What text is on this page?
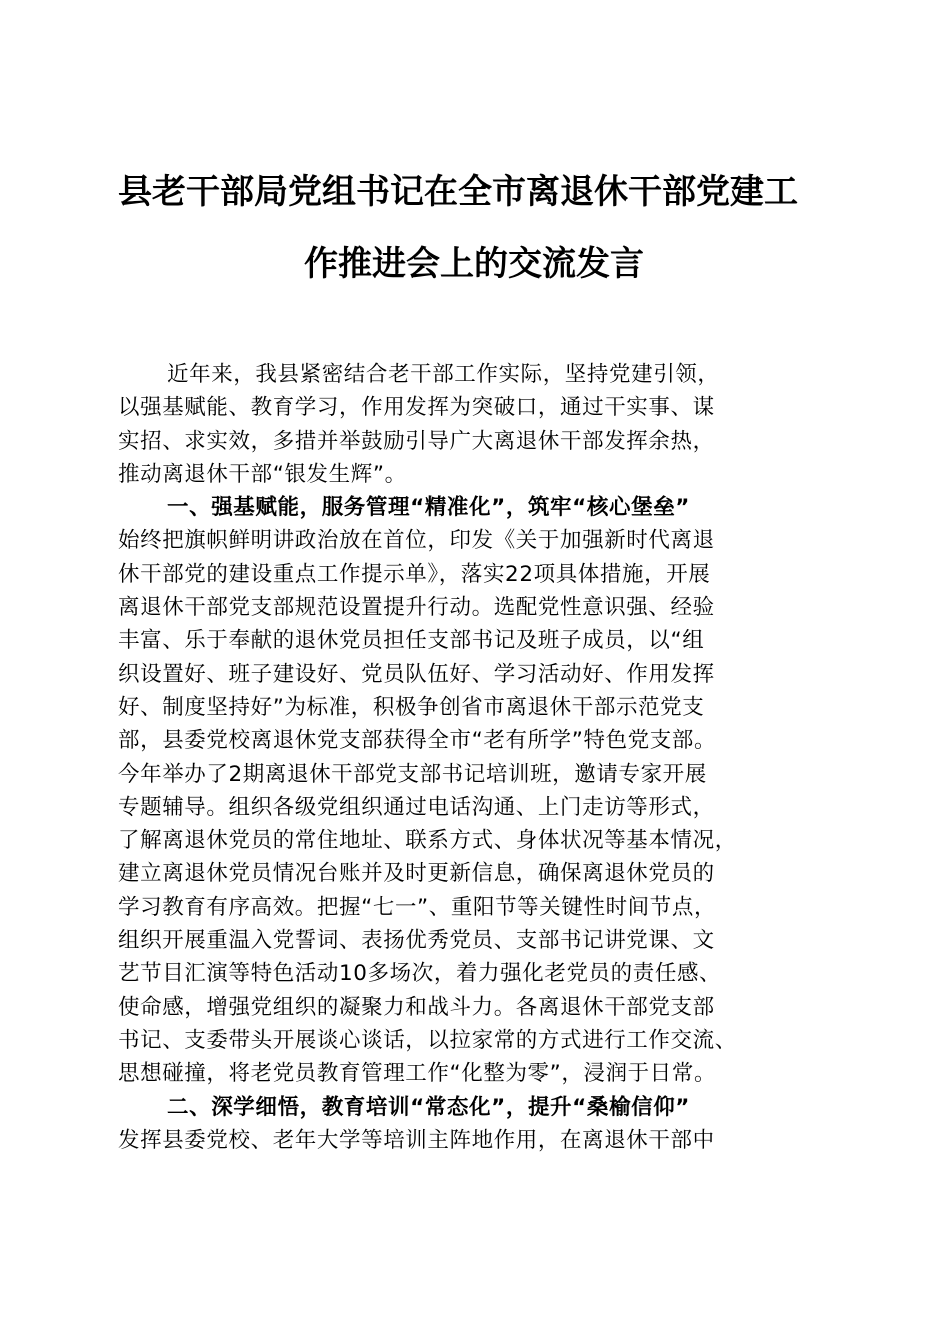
县老干部局党组书记在全市离退休干部党建工
作推进会上的交流发言
近年来，我县紧密结合老干部工作实际，坚持党建引领，
以强基赋能、教育学习，作用发挥为突破口，通过干实事、谋
实招、求实效，多措并举鼓励引导广大离退休干部发挥余热，
推动离退休干部“银发生辉”。
一、强基赋能，服务管理“精准化”，筑牢“核心堡垒”
始终把旗帜鲜明讲政治放在首位，印发《关于加强新时代离退
休干部党的建设重点工作提示单》，落实22项具体措施，开展
离退休干部党支部规范设置提升行动。选配党性意识强、经验
丰富、乐于奉献的退休党员担任支部书记及班子成员，以“组
织设置好、班子建设好、党员队伍好、学习活动好、作用发挥
好、制度坚持好”为标准，积极争创省市离退休干部示范党支
部，县委党校离退休党支部获得全市“老有所学”特色党支部。
今年举办了2期离退休干部党支部书记培训班，邀请专家开展
专题辅导。组织各级党组织通过电话沟通、上门走访等形式，
了解离退休党员的常住地址、联系方式、身体状况等基本情况，
建立离退休党员情况台账并及时更新信息，确保离退休党员的
学习教育有序高效。把握“七一”、重阳节等关键性时间节点，
组织开展重温入党誓词、表扬优秀党员、支部书记讲党课、文
艺节目汇演等特色活动10多场次，着力强化老党员的责任感、
使命感，增强党组织的凝聚力和战斗力。各离退休干部党支部
书记、支委带头开展谈心谈话，以拉家常的方式进行工作交流、
思想碰撞，将老党员教育管理工作“化整为零”，浸润于日常。
二、深学细悟，教育培训“常态化”，提升“桑榆信仰”
发挥县委党校、老年大学等培训主阵地作用，在离退休干部中
